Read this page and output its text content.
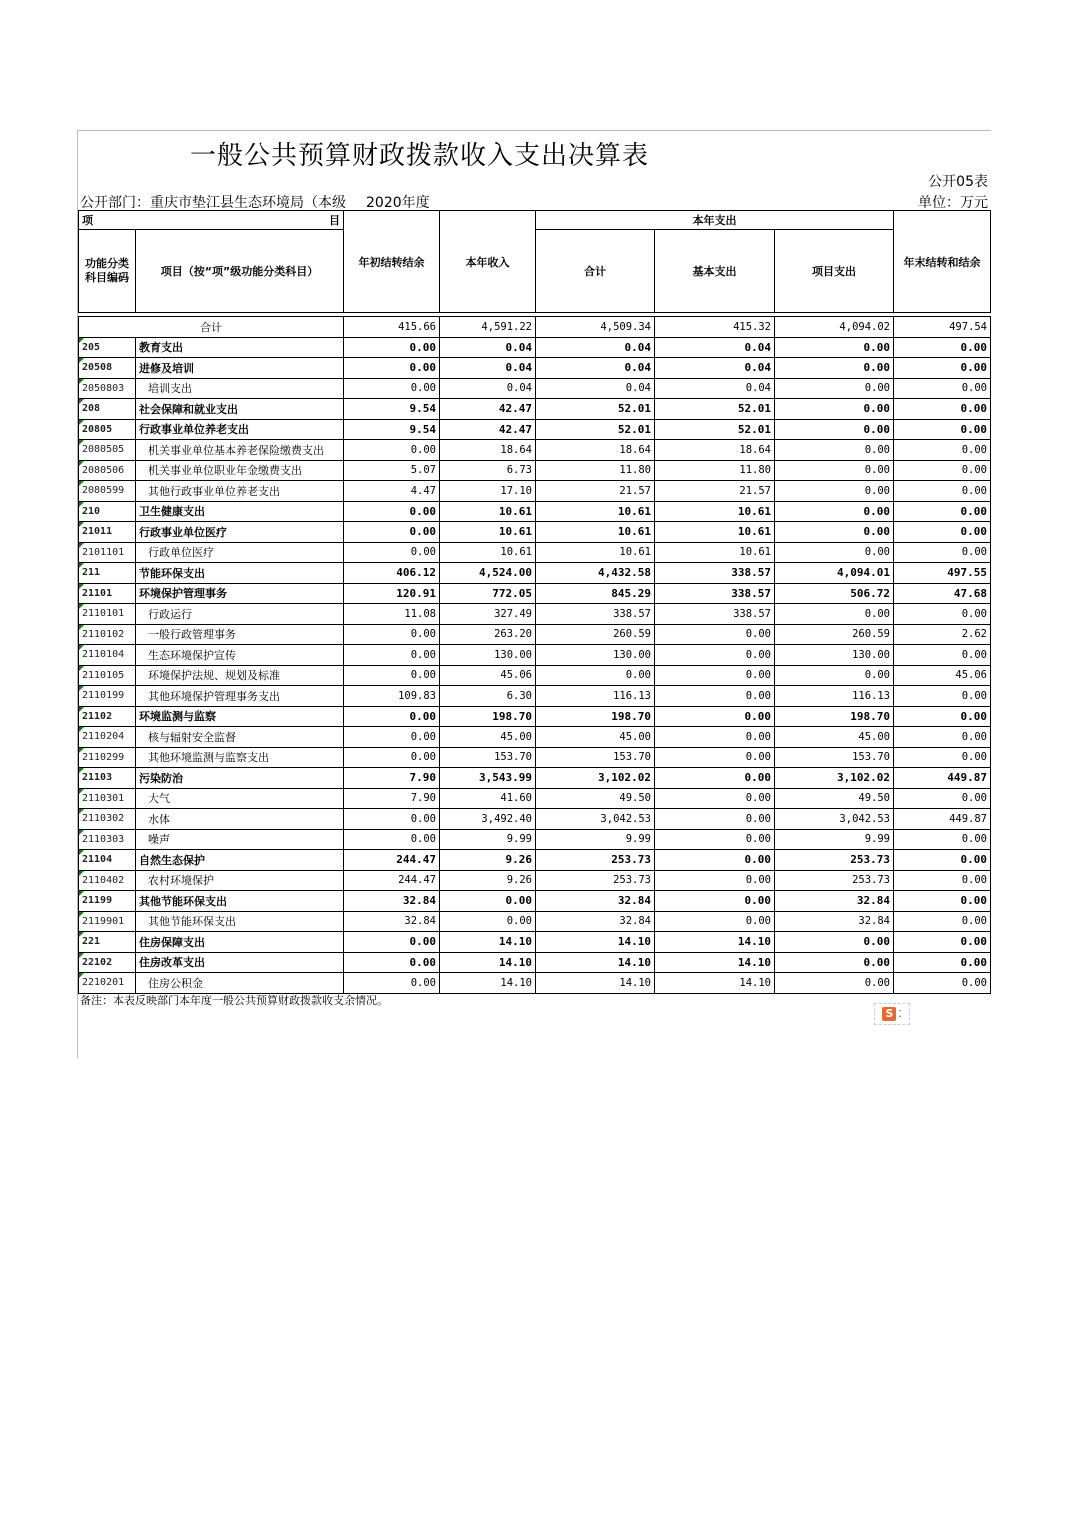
一般公共预算财政拨款收入支出决算表
公开05表
公开部门：重庆市垫江县生态环境局（本级 2020年度	单位：万元
项 目		年初结转结余	本年收入	本年支出			年末结转和结余
功能分类科目编码	项目（按“项”级功能分类科目）			合计	基本支出	项目支出	

合计		415.66	4,591.22	4,509.34	415.32	4,094.02	497.54
205	教育支出	0.00	0.04	0.04	0.04	0.00	0.00
20508	进修及培训	0.00	0.04	0.04	0.04	0.00	0.00
2050803	培训支出	0.00	0.04	0.04	0.04	0.00	0.00
208	社会保障和就业支出	9.54	42.47	52.01	52.01	0.00	0.00
20805	行政事业单位养老支出	9.54	42.47	52.01	52.01	0.00	0.00
2080505	机关事业单位基本养老保险缴费支出	0.00	18.64	18.64	18.64	0.00	0.00
2080506	机关事业单位职业年金缴费支出	5.07	6.73	11.80	11.80	0.00	0.00
2080599	其他行政事业单位养老支出	4.47	17.10	21.57	21.57	0.00	0.00
210	卫生健康支出	0.00	10.61	10.61	10.61	0.00	0.00
21011	行政事业单位医疗	0.00	10.61	10.61	10.61	0.00	0.00
2101101	行政单位医疗	0.00	10.61	10.61	10.61	0.00	0.00
211	节能环保支出	406.12	4,524.00	4,432.58	338.57	4,094.01	497.55
21101	环境保护管理事务	120.91	772.05	845.29	338.57	506.72	47.68
2110101	行政运行	11.08	327.49	338.57	338.57	0.00	0.00
2110102	一般行政管理事务	0.00	263.20	260.59	0.00	260.59	2.62
2110104	生态环境保护宣传	0.00	130.00	130.00	0.00	130.00	0.00
2110105	环境保护法规、规划及标准	0.00	45.06	0.00	0.00	0.00	45.06
2110199	其他环境保护管理事务支出	109.83	6.30	116.13	0.00	116.13	0.00
21102	环境监测与监察	0.00	198.70	198.70	0.00	198.70	0.00
2110204	核与辐射安全监督	0.00	45.00	45.00	0.00	45.00	0.00
2110299	其他环境监测与监察支出	0.00	153.70	153.70	0.00	153.70	0.00
21103	污染防治	7.90	3,543.99	3,102.02	0.00	3,102.02	449.87
2110301	大气	7.90	41.60	49.50	0.00	49.50	0.00
2110302	水体	0.00	3,492.40	3,042.53	0.00	3,042.53	449.87
2110303	噪声	0.00	9.99	9.99	0.00	9.99	0.00
21104	自然生态保护	244.47	9.26	253.73	0.00	253.73	0.00
2110402	农村环境保护	244.47	9.26	253.73	0.00	253.73	0.00
21199	其他节能环保支出	32.84	0.00	32.84	0.00	32.84	0.00
2119901	其他节能环保支出	32.84	0.00	32.84	0.00	32.84	0.00
221	住房保障支出	0.00	14.10	14.10	14.10	0.00	0.00
22102	住房改革支出	0.00	14.10	14.10	14.10	0.00	0.00
2210201	住房公积金	0.00	14.10	14.10	14.10	0.00	0.00
备注：本表反映部门本年度一般公共预算财政拨款收支余情况。
S ⁚
